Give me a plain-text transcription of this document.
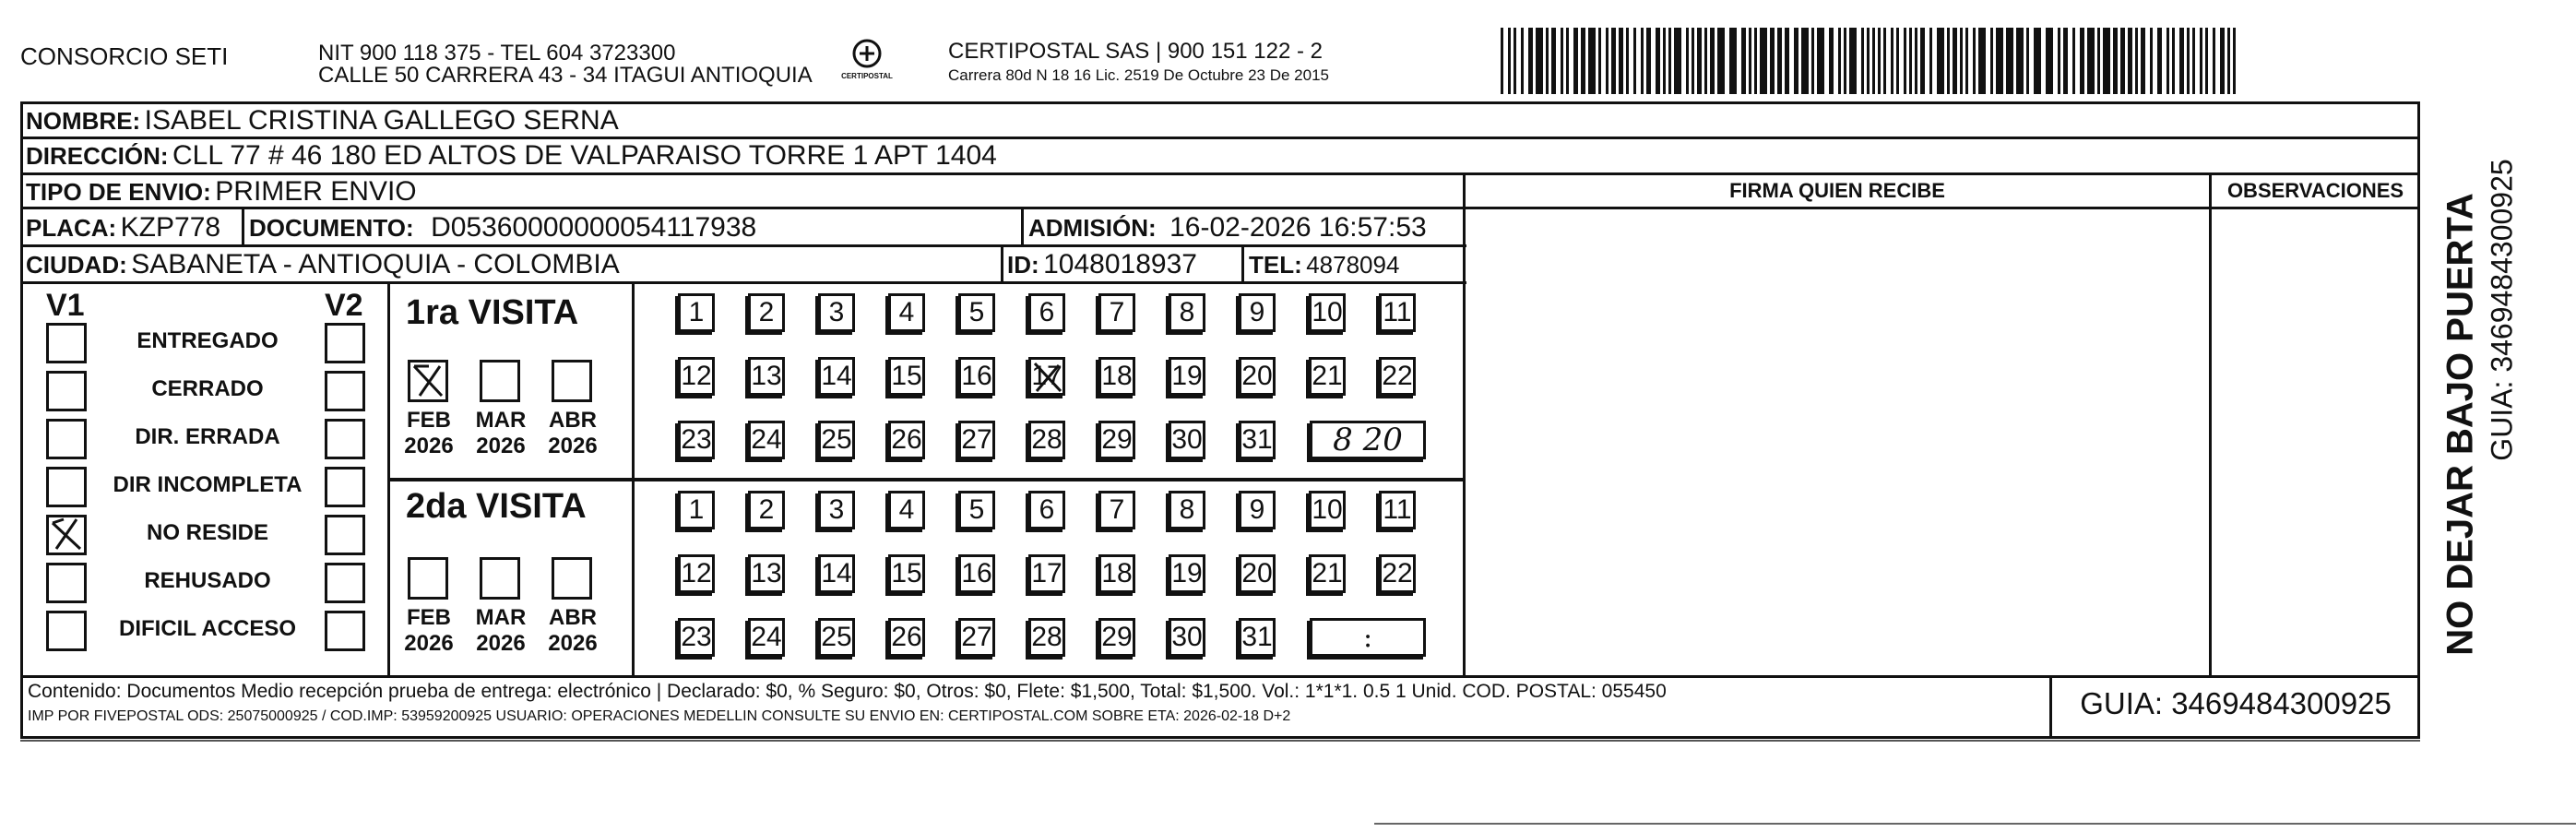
CONSORCIO SETI	NIT 900 118 375 - TEL 604 3723300
CALLE 50 CARRERA 43 - 34 ITAGUI ANTIOQUIA	CERTIPOSTAL
CERTIPOSTAL SAS | 900 151 122 - 2
Carrera 80d N 18 16 Lic. 2519 De Octubre 23 De 2015
NOMBRE: ISABEL CRISTINA GALLEGO SERNA
DIRECCIÓN: CLL 77 # 46 180 ED ALTOS DE VALPARAISO TORRE 1 APT 1404
TIPO DE ENVIO: PRIMER ENVIO	FIRMA QUIEN RECIBE	OBSERVACIONES
PLACA: KZP778 DOCUMENTO: D05360000000054117938	ADMISIÓN: 16-02-2026 16:57:53
CIUDAD: SABANETA - ANTIOQUIA - COLOMBIA	ID: 1048018937 TEL: 4878094
V1	V2
ENTREGADO
CERRADO
DIR. ERRADA
DIR INCOMPLETA
NO RESIDE
REHUSADO
DIFICIL ACCESO
1ra VISITA
2da VISITA
FEB
2026
MAR
2026
ABR
2026
FEB
2026
MAR
2026
ABR
2026
1 2 3 4 5 6 7 8 9 10 11
12 13 14 15 16 17 18 19 20 21 22
23 24 25 26 27 28 29 30 31	8 20
1 2 3 4 5 6 7 8 9 10 11
12 13 14 15 16 17 18 19 20 21 22
23 24 25 26 27 28 29 30 31	:
Contenido: Documentos Medio recepción prueba de entrega: electrónico | Declarado: $0, % Seguro: $0, Otros: $0, Flete: $1,500, Total: $1,500. Vol.: 1*1*1. 0.5 1 Unid. COD. POSTAL: 055450
IMP POR FIVEPOSTAL ODS: 25075000925 / COD.IMP: 53959200925 USUARIO: OPERACIONES MEDELLIN CONSULTE SU ENVIO EN: CERTIPOSTAL.COM SOBRE ETA: 2026-02-18 D+2	GUIA: 3469484300925
NO DEJAR BAJO PUERTA GUIA: 3469484300925
